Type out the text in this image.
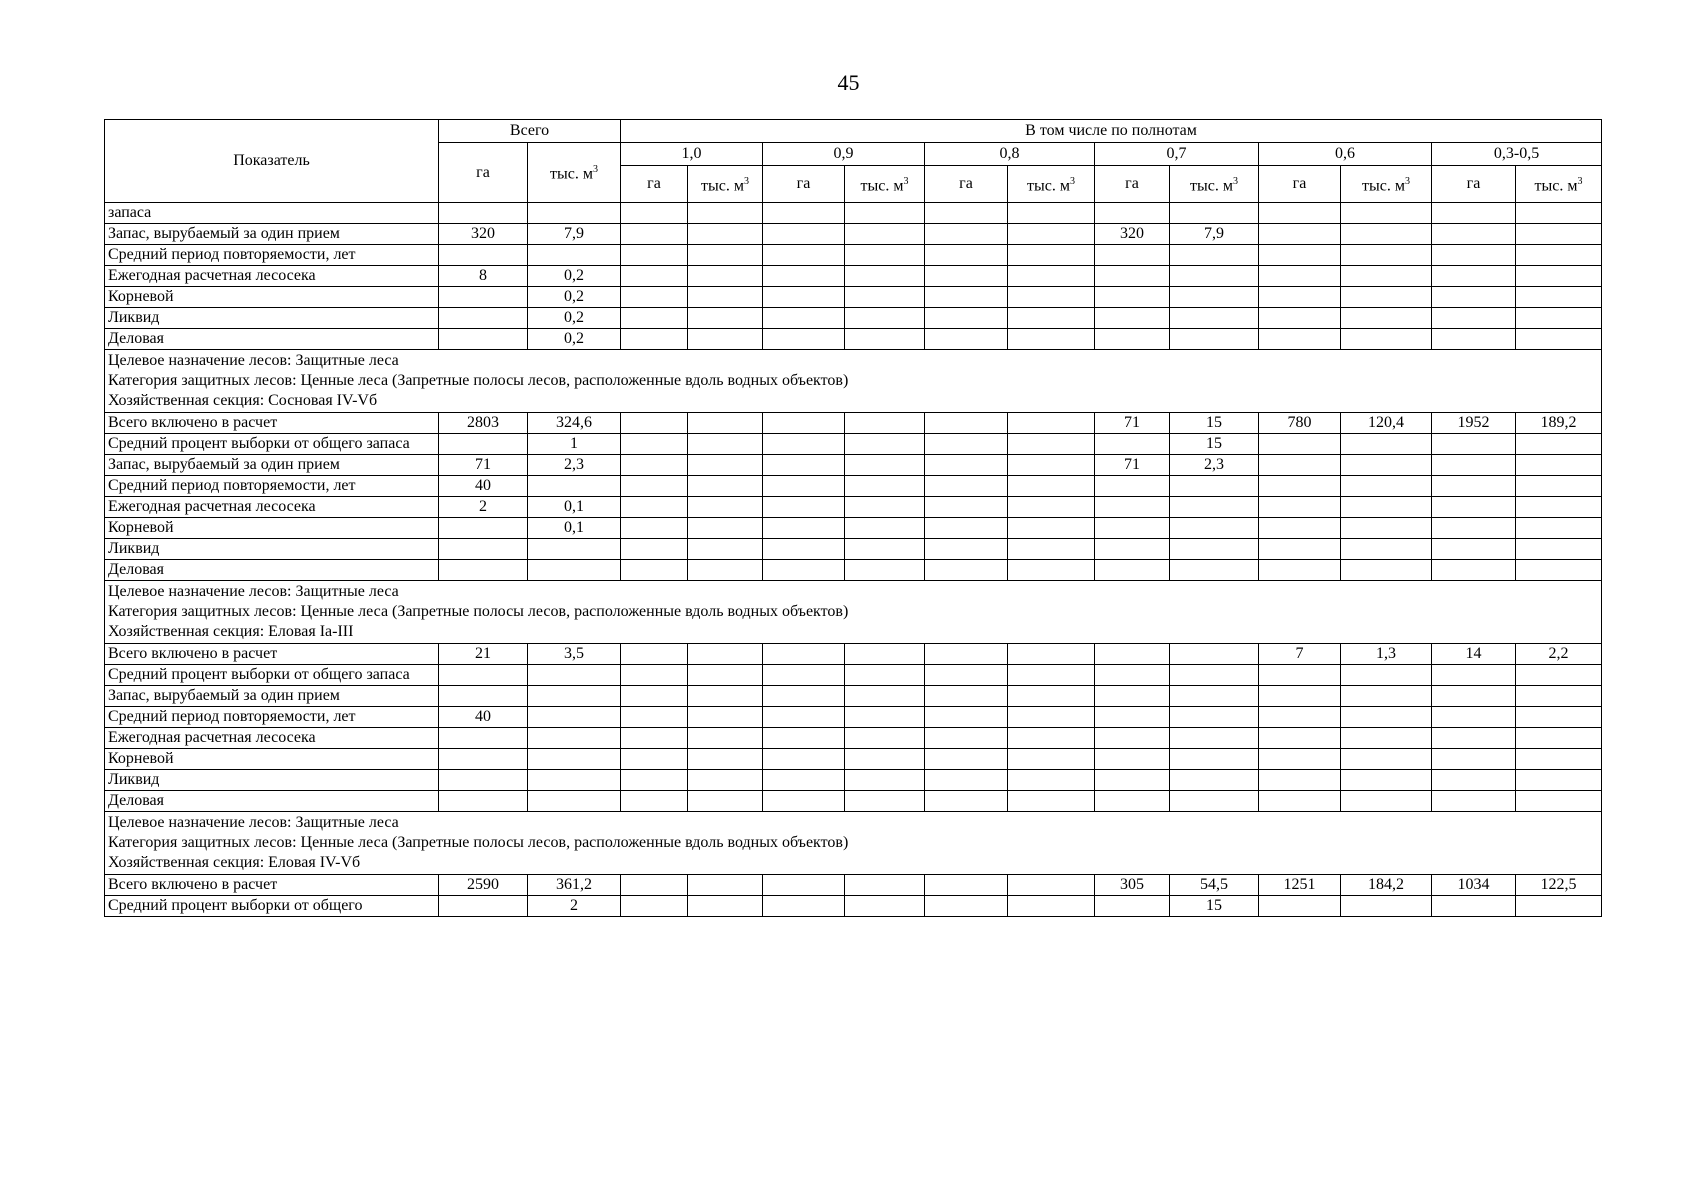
45
Показатель	Всего		В том числе по полнотам											
	га	тыс. $м^3$	1,0		0,9		0,8		0,7		0,6		0,3-0,5	
			га	тыс. $м^3$	га	тыс. $м^3$	га	тыс. $м^3$	га	тыс. $м^3$	га	тыс. $м^3$	га	тыс. $м^3$
запаса														
Запас, вырубаемый за один прием	320	7,9							320	7,9				
Средний период повторяемости, лет														
Ежегодная расчетная лесосека	8	0,2												
Корневой		0,2												
Ликвид		0,2												
Деловая		0,2												

Целевое назначение лесов: Защитные леса
Категория защитных лесов: Ценные леса (Запретные полосы лесов, расположенные вдоль водных объектов)
Хозяйственная секция: Сосновая IV-Vб														

Всего включено в расчет	2803	324,6							71	15	780	120,4	1952	189,2
Средний процент выборки от общего запаса		1								15				
Запас, вырубаемый за один прием	71	2,3							71	2,3				
Средний период повторяемости, лет	40													
Ежегодная расчетная лесосека	2	0,1												
Корневой		0,1												
Ликвид														
Деловая														

Целевое назначение лесов: Защитные леса
Категория защитных лесов: Ценные леса (Запретные полосы лесов, расположенные вдоль водных объектов)
Хозяйственная секция: Еловая Ia-III														

Всего включено в расчет	21	3,5									7	1,3	14	2,2
Средний процент выборки от общего запаса														
Запас, вырубаемый за один прием														
Средний период повторяемости, лет	40													
Ежегодная расчетная лесосека														
Корневой														
Ликвид														
Деловая														

Целевое назначение лесов: Защитные леса
Категория защитных лесов: Ценные леса (Запретные полосы лесов, расположенные вдоль водных объектов)
Хозяйственная секция: Еловая IV-Vб														

Всего включено в расчет	2590	361,2							305	54,5	1251	184,2	1034	122,5
Средний процент выборки от общего		2								15				
